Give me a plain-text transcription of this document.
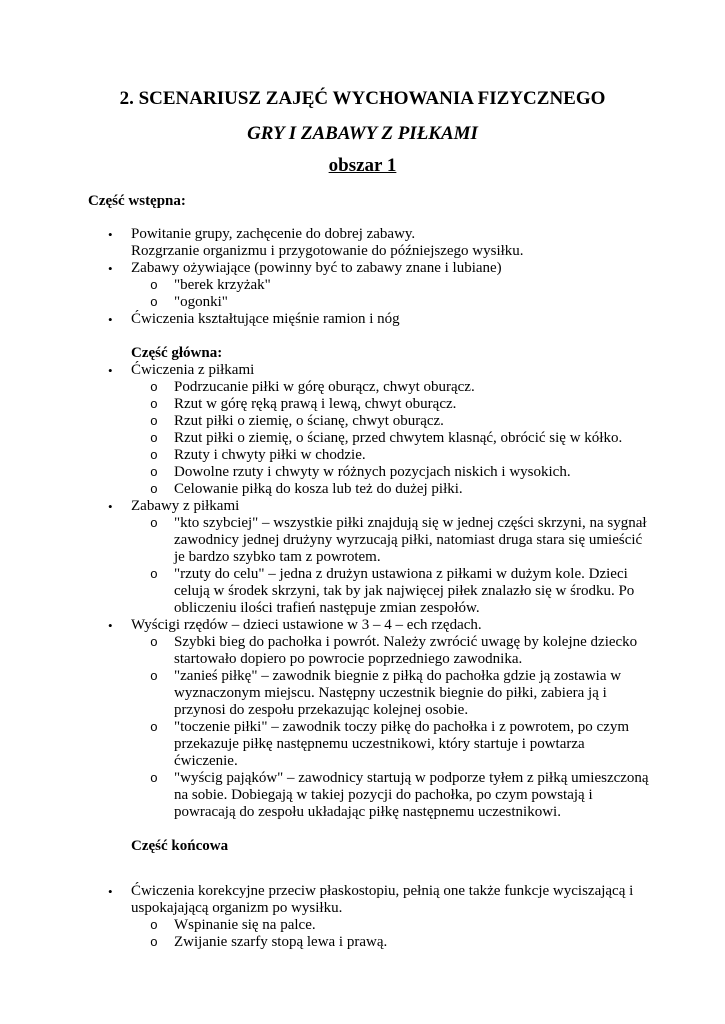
2. SCENARIUSZ ZAJĘĆ WYCHOWANIA FIZYCZNEGO
GRY I ZABAWY Z PIŁKAMI
obszar 1
Część wstępna:
• Powitanie grupy, zachęcenie do dobrej zabawy.
Rozgrzanie organizmu i przygotowanie do późniejszego wysiłku.
• Zabawy ożywiające (powinny być to zabawy znane i lubiane)
o "berek krzyżak"
o "ogonki"
• Ćwiczenia kształtujące mięśnie ramion i nóg
Część główna:
• Ćwiczenia z piłkami
o Podrzucanie piłki w górę oburącz, chwyt oburącz.
o Rzut w górę ręką prawą i lewą, chwyt oburącz.
o Rzut piłki o ziemię, o ścianę, chwyt oburącz.
o Rzut piłki o ziemię, o ścianę, przed chwytem klasnąć, obrócić się w kółko.
o Rzuty i chwyty piłki w chodzie.
o Dowolne rzuty i chwyty w różnych pozycjach niskich i wysokich.
o Celowanie piłką do kosza lub też do dużej piłki.
• Zabawy z piłkami
o "kto szybciej" – wszystkie piłki znajdują się w jednej części skrzyni, na sygnał
zawodnicy jednej drużyny wyrzucają piłki, natomiast druga stara się umieścić
je bardzo szybko tam z powrotem.
o "rzuty do celu" – jedna z drużyn ustawiona z piłkami w dużym kole. Dzieci
celują w środek skrzyni, tak by jak najwięcej piłek znalazło się w środku. Po
obliczeniu ilości trafień następuje zmian zespołów.
• Wyścigi rzędów – dzieci ustawione w 3 – 4 – ech rzędach.
o Szybki bieg do pachołka i powrót. Należy zwrócić uwagę by kolejne dziecko
startowało dopiero po powrocie poprzedniego zawodnika.
o "zanieś piłkę" – zawodnik biegnie z piłką do pachołka gdzie ją zostawia w
wyznaczonym miejscu. Następny uczestnik biegnie do piłki, zabiera ją i
przynosi do zespołu przekazując kolejnej osobie.
o "toczenie piłki" – zawodnik toczy piłkę do pachołka i z powrotem, po czym
przekazuje piłkę następnemu uczestnikowi, który startuje i powtarza
ćwiczenie.
o "wyścig pająków" – zawodnicy startują w podporze tyłem z piłką umieszczoną
na sobie. Dobiegają w takiej pozycji do pachołka, po czym powstają i
powracają do zespołu układając piłkę następnemu uczestnikowi.
Część końcowa
• Ćwiczenia korekcyjne przeciw płaskostopiu, pełnią one także funkcje wyciszającą i
uspokajającą organizm po wysiłku.
o Wspinanie się na palce.
o Zwijanie szarfy stopą lewa i prawą.
